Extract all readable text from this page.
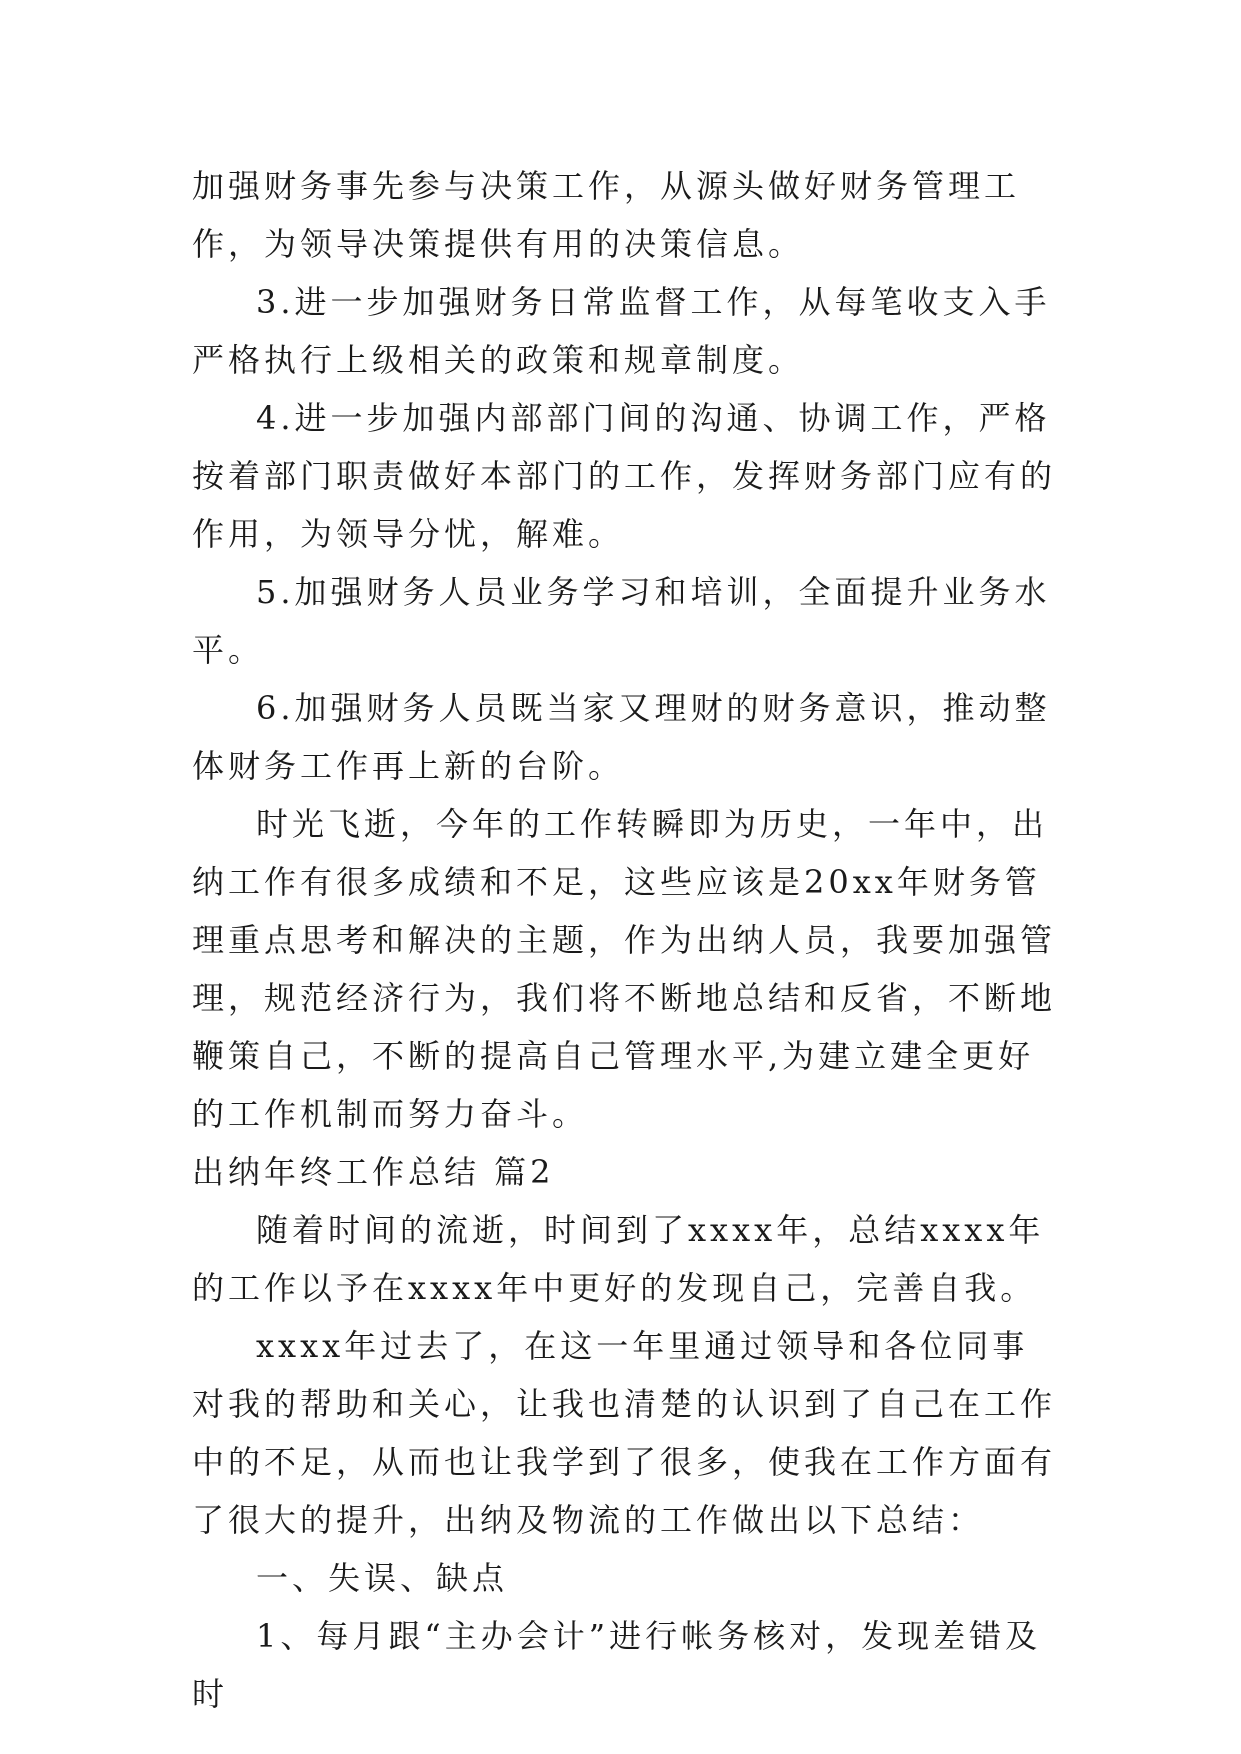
加强财务事先参与决策工作，从源头做好财务管理工作，为领导决策提供有用的决策信息。

3.进一步加强财务日常监督工作，从每笔收支入手严格执行上级相关的政策和规章制度。

4.进一步加强内部部门间的沟通、协调工作，严格按着部门职责做好本部门的工作，发挥财务部门应有的作用，为领导分忧，解难。

5.加强财务人员业务学习和培训，全面提升业务水平。

6.加强财务人员既当家又理财的财务意识，推动整体财务工作再上新的台阶。

时光飞逝，今年的工作转瞬即为历史，一年中，出纳工作有很多成绩和不足，这些应该是20xx年财务管理重点思考和解决的主题，作为出纳人员，我要加强管理，规范经济行为，我们将不断地总结和反省，不断地鞭策自己，不断的提高自己管理水平,为建立建全更好的工作机制而努力奋斗。

出纳年终工作总结 篇2

随着时间的流逝，时间到了xxxx年，总结xxxx年的工作以予在xxxx年中更好的发现自己，完善自我。

xxxx年过去了，在这一年里通过领导和各位同事对我的帮助和关心，让我也清楚的认识到了自己在工作中的不足，从而也让我学到了很多，使我在工作方面有了很大的提升，出纳及物流的工作做出以下总结：

一、失误、缺点

1、每月跟“主办会计”进行帐务核对，发现差错及时
